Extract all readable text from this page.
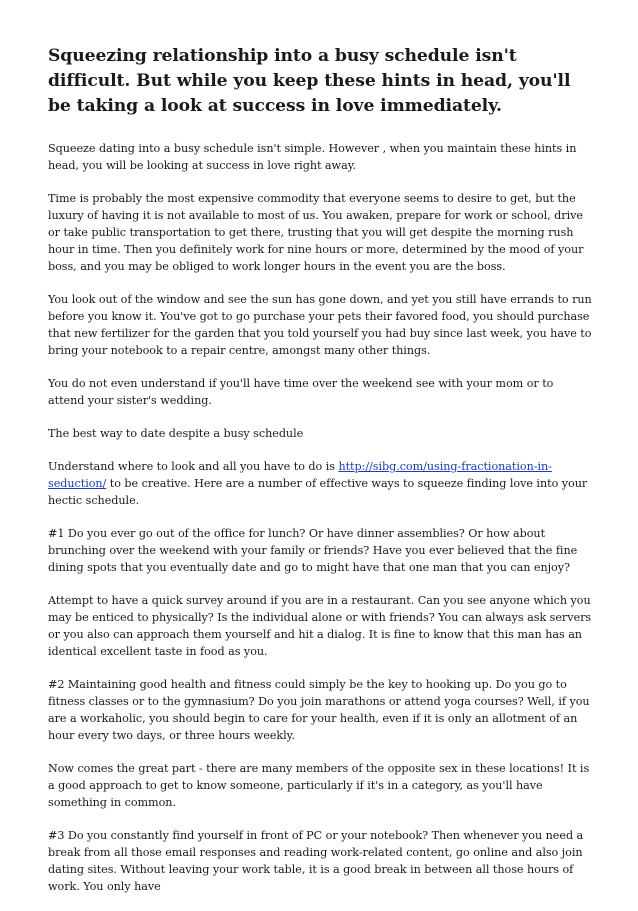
Squeezing relationship into a busy schedule isn't difficult. But while you keep these hints in head, you'll be taking a look at success in love immediately.

Squeeze dating into a busy schedule isn't simple. However , when you maintain these hints in head, you will be looking at success in love right away.

Time is probably the most expensive commodity that everyone seems to desire to get, but the luxury of having it is not available to most of us. You awaken, prepare for work or school, drive or take public transportation to get there, trusting that you will get despite the morning rush hour in time. Then you definitely work for nine hours or more, determined by the mood of your boss, and you may be obliged to work longer hours in the event you are the boss.

You look out of the window and see the sun has gone down, and yet you still have errands to run before you know it. You've got to go purchase your pets their favored food, you should purchase that new fertilizer for the garden that you told yourself you had buy since last week, you have to bring your notebook to a repair centre, amongst many other things.

You do not even understand if you'll have time over the weekend see with your mom or to attend your sister's wedding.

The best way to date despite a busy schedule

Understand where to look and all you have to do is http://sibg.com/using-fractionation-in-seduction/ to be creative. Here are a number of effective ways to squeeze finding love into your hectic schedule.

#1 Do you ever go out of the office for lunch? Or have dinner assemblies? Or how about brunching over the weekend with your family or friends? Have you ever believed that the fine dining spots that you eventually date and go to might have that one man that you can enjoy?

Attempt to have a quick survey around if you are in a restaurant. Can you see anyone which you may be enticed to physically? Is the individual alone or with friends? You can always ask servers or you also can approach them yourself and hit a dialog. It is fine to know that this man has an identical excellent taste in food as you.

#2 Maintaining good health and fitness could simply be the key to hooking up. Do you go to fitness classes or to the gymnasium? Do you join marathons or attend yoga courses? Well, if you are a workaholic, you should begin to care for your health, even if it is only an allotment of an hour every two days, or three hours weekly.

Now comes the great part - there are many members of the opposite sex in these locations! It is a good approach to get to know someone, particularly if it's in a category, as you'll have something in common.

#3 Do you constantly find yourself in front of PC or your notebook? Then whenever you need a break from all those email responses and reading work-related content, go online and also join dating sites. Without leaving your work table, it is a good break in between all those hours of work. You only have
